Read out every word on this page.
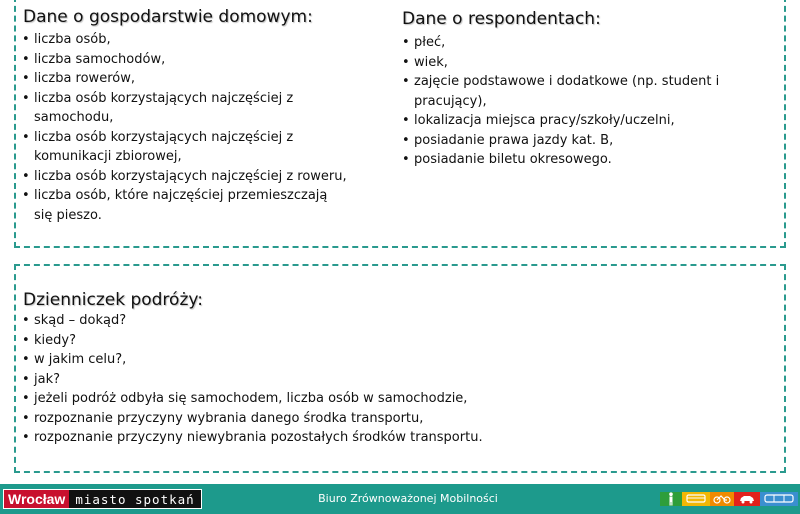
Dane o gospodarstwie domowym:
• liczba osób,
• liczba samochodów,
• liczba rowerów,
• liczba osób korzystających najczęściej z
samochodu,
• liczba osób korzystających najczęściej z
komunikacji zbiorowej,
• liczba osób korzystających najczęściej z roweru,
• liczba osób, które najczęściej przemieszczają
się pieszo.
Dane o respondentach:
• płeć,
• wiek,
• zajęcie podstawowe i dodatkowe (np. student i
pracujący),
• lokalizacja miejsca pracy/szkoły/uczelni,
• posiadanie prawa jazdy kat. B,
• posiadanie biletu okresowego.
Dzienniczek podróży:
• skąd – dokąd?
• kiedy?
• w jakim celu?,
• jak?
• jeżeli podróż odbyła się samochodem, liczba osób w samochodzie,
• rozpoznanie przyczyny wybrania danego środka transportu,
• rozpoznanie przyczyny niewybrania pozostałych środków transportu.
Wrocław miasto spotkań	Biuro Zrównoważonej Mobilności
